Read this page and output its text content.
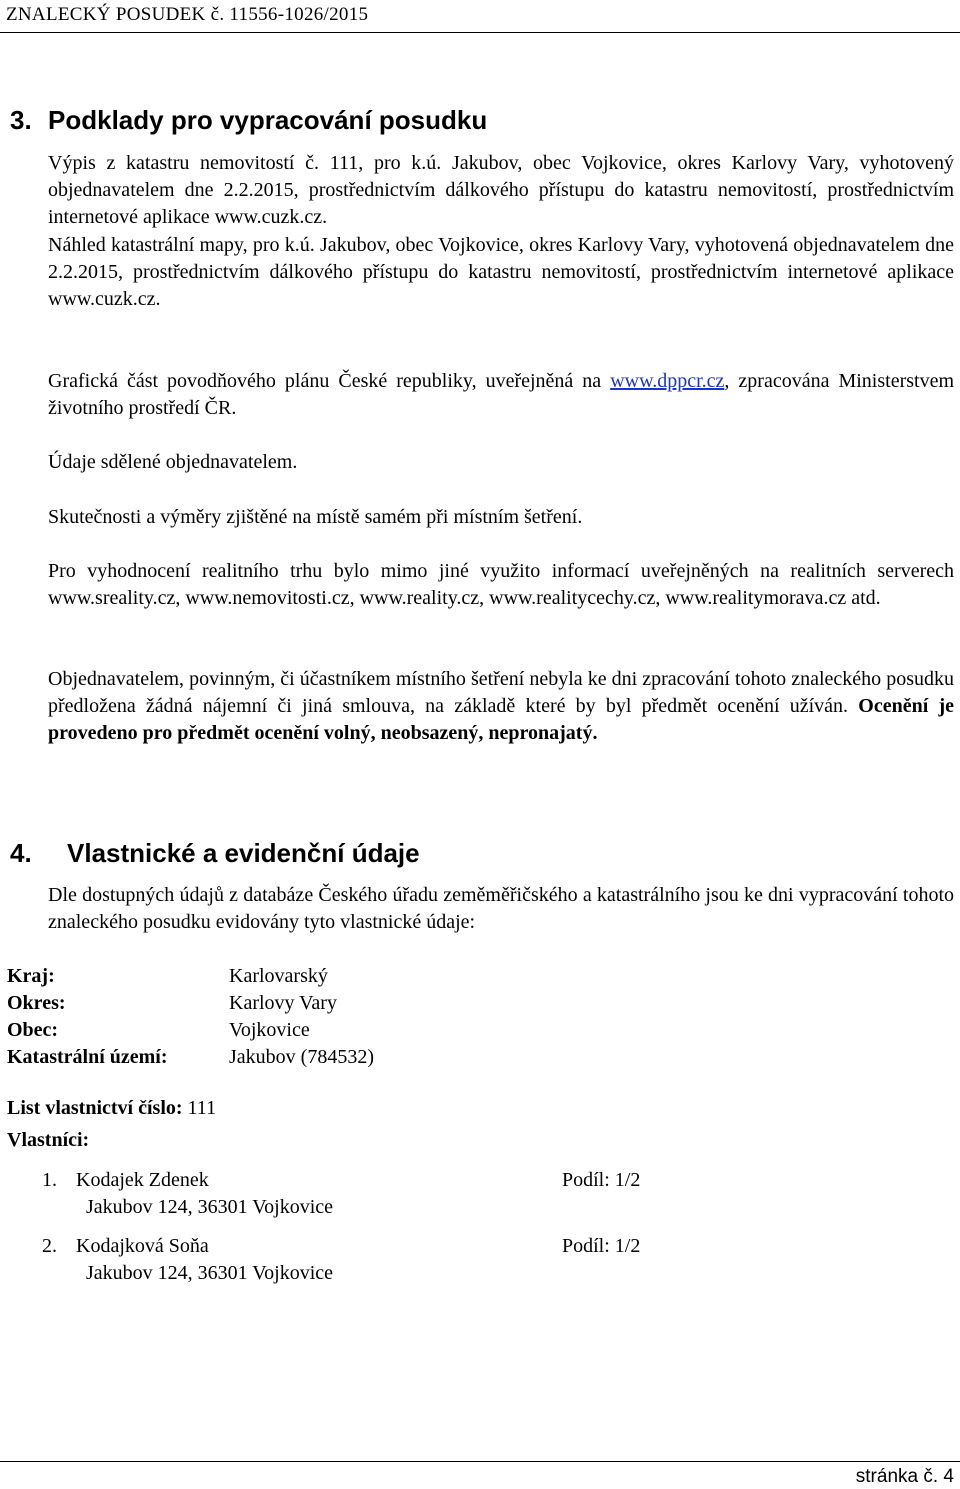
ZNALECKÝ POSUDEK č. 11556-1026/2015
3. Podklady pro vypracování posudku

Výpis z katastru nemovitostí č. 111, pro k.ú. Jakubov, obec Vojkovice, okres Karlovy Vary, vyhotovený objednavatelem dne 2.2.2015, prostřednictvím dálkového přístupu do katastru nemovitostí, prostřednictvím internetové aplikace www.cuzk.cz.

Náhled katastrální mapy, pro k.ú. Jakubov, obec Vojkovice, okres Karlovy Vary, vyhotovená objednavatelem dne 2.2.2015, prostřednictvím dálkového přístupu do katastru nemovitostí, prostřednictvím internetové aplikace www.cuzk.cz.

Grafická část povodňového plánu České republiky, uveřejněná na www.dppcr.cz, zpracována Ministerstvem životního prostředí ČR.

Údaje sdělené objednavatelem.

Skutečnosti a výměry zjištěné na místě samém při místním šetření.

Pro vyhodnocení realitního trhu bylo mimo jiné využito informací uveřejněných na realitních serverech www.sreality.cz, www.nemovitosti.cz, www.reality.cz, www.realitycechy.cz, www.realitymorava.cz atd.

Objednavatelem, povinným, či účastníkem místního šetření nebyla ke dni zpracování tohoto znaleckého posudku předložena žádná nájemní či jiná smlouva, na základě které by byl předmět ocenění užíván. Ocenění je provedeno pro předmět ocenění volný, neobsazený, nepronajatý.

4. Vlastnické a evidenční údaje

Dle dostupných údajů z databáze Českého úřadu zeměměřičského a katastrálního jsou ke dni vypracování tohoto znaleckého posudku evidovány tyto vlastnické údaje:

Kraj:	Karlovarský
Okres:	Karlovy Vary
Obec:	Vojkovice
Katastrální území:	Jakubov (784532)
List vlastnictví číslo: 111
Vlastníci:
1. Kodajek Zdenek	Podíl: 1/2
Jakubov 124, 36301 Vojkovice
2. Kodajková Soňa	Podíl: 1/2
Jakubov 124, 36301 Vojkovice
stránka č. 4
